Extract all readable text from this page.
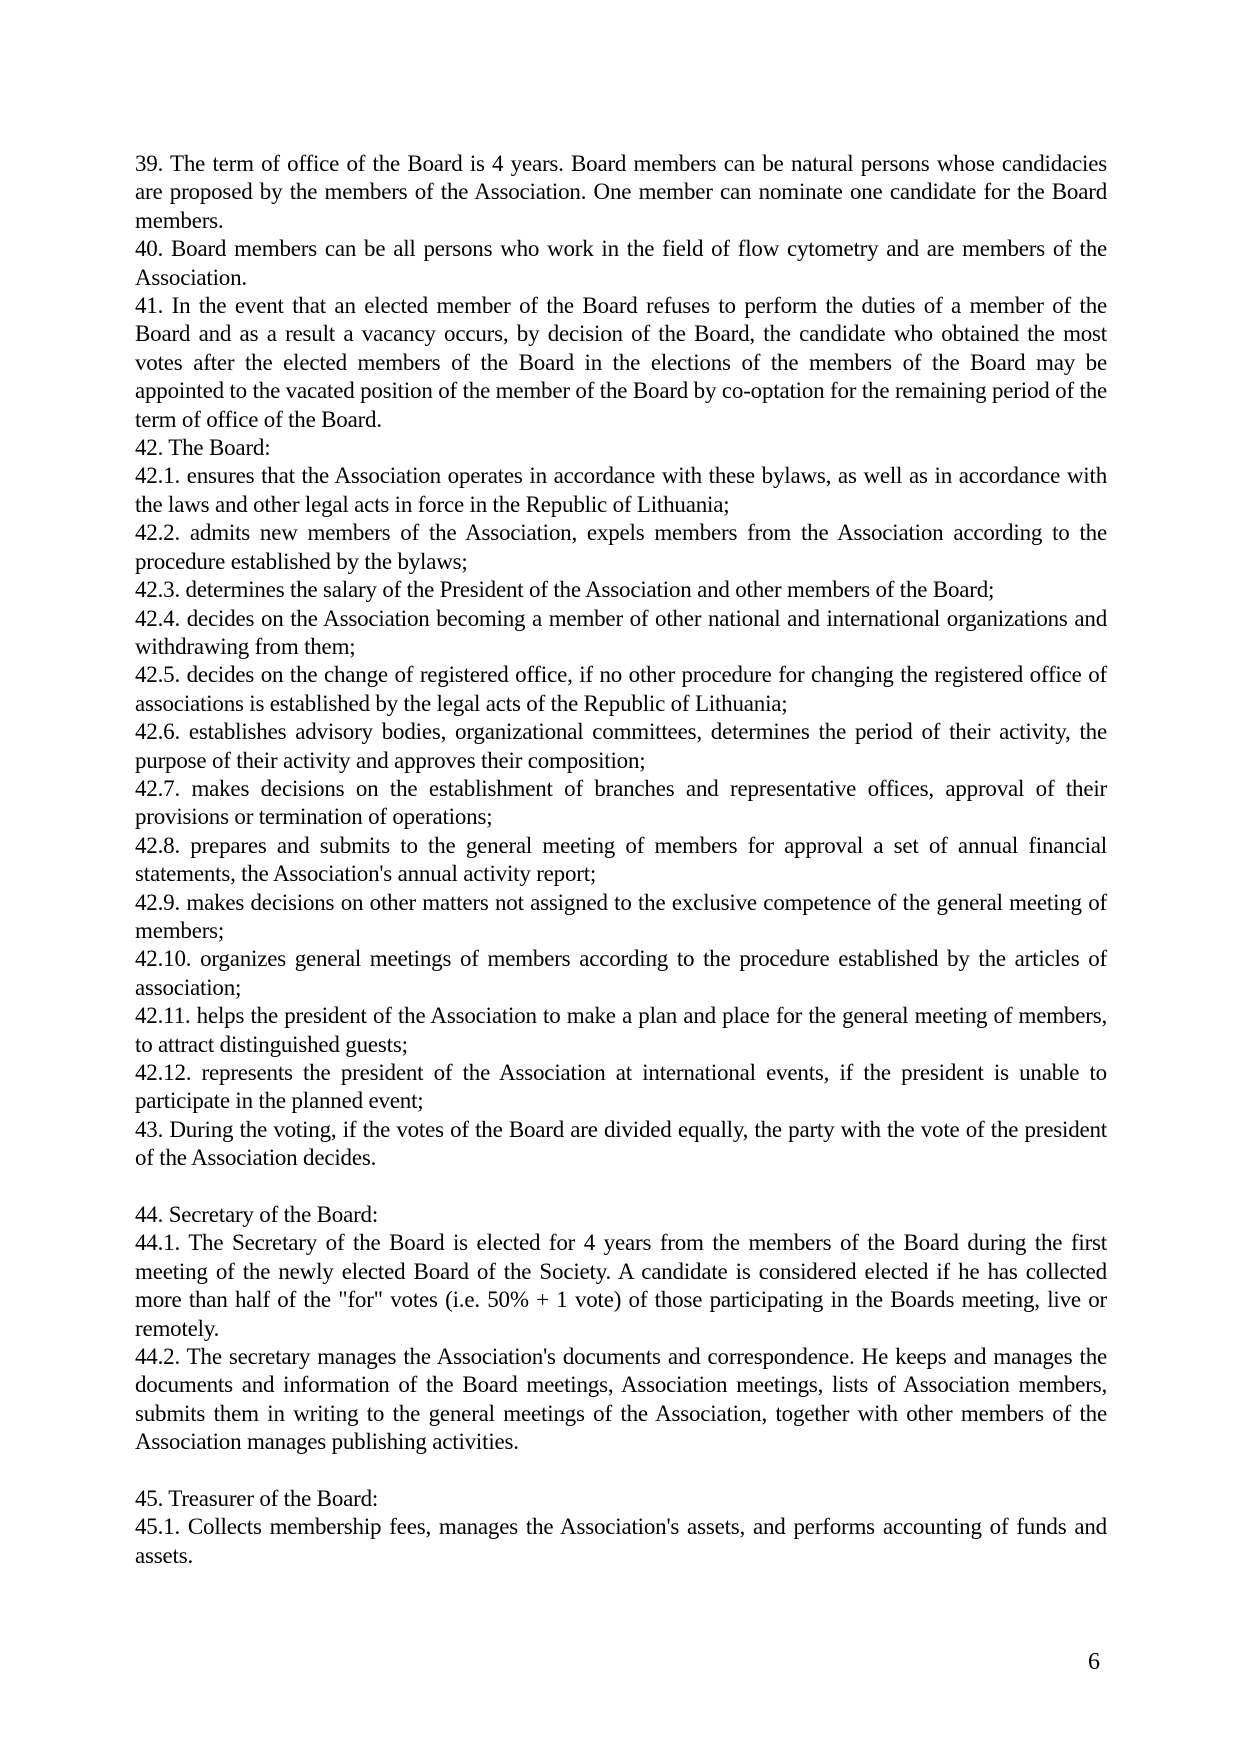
39. The term of office of the Board is 4 years. Board members can be natural persons whose candidacies are proposed by the members of the Association. One member can nominate one candidate for the Board members.

40. Board members can be all persons who work in the field of flow cytometry and are members of the Association.

41. In the event that an elected member of the Board refuses to perform the duties of a member of the Board and as a result a vacancy occurs, by decision of the Board, the candidate who obtained the most votes after the elected members of the Board in the elections of the members of the Board may be appointed to the vacated position of the member of the Board by co-optation for the remaining period of the term of office of the Board.

42. The Board:

42.1. ensures that the Association operates in accordance with these bylaws, as well as in accordance with the laws and other legal acts in force in the Republic of Lithuania;

42.2. admits new members of the Association, expels members from the Association according to the procedure established by the bylaws;

42.3. determines the salary of the President of the Association and other members of the Board;

42.4. decides on the Association becoming a member of other national and international organizations and withdrawing from them;

42.5. decides on the change of registered office, if no other procedure for changing the registered office of associations is established by the legal acts of the Republic of Lithuania;

42.6. establishes advisory bodies, organizational committees, determines the period of their activity, the purpose of their activity and approves their composition;

42.7. makes decisions on the establishment of branches and representative offices, approval of their provisions or termination of operations;

42.8. prepares and submits to the general meeting of members for approval a set of annual financial statements, the Association's annual activity report;

42.9. makes decisions on other matters not assigned to the exclusive competence of the general meeting of members;

42.10. organizes general meetings of members according to the procedure established by the articles of association;

42.11. helps the president of the Association to make a plan and place for the general meeting of members, to attract distinguished guests;

42.12. represents the president of the Association at international events, if the president is unable to participate in the planned event;

43. During the voting, if the votes of the Board are divided equally, the party with the vote of the president of the Association decides.

44. Secretary of the Board:

44.1. The Secretary of the Board is elected for 4 years from the members of the Board during the first meeting of the newly elected Board of the Society. A candidate is considered elected if he has collected more than half of the "for" votes (i.e. 50% + 1 vote) of those participating in the Boards meeting, live or remotely.

44.2. The secretary manages the Association's documents and correspondence. He keeps and manages the documents and information of the Board meetings, Association meetings, lists of Association members, submits them in writing to the general meetings of the Association, together with other members of the Association manages publishing activities.

45. Treasurer of the Board:

45.1. Collects membership fees, manages the Association's assets, and performs accounting of funds and assets.

6
